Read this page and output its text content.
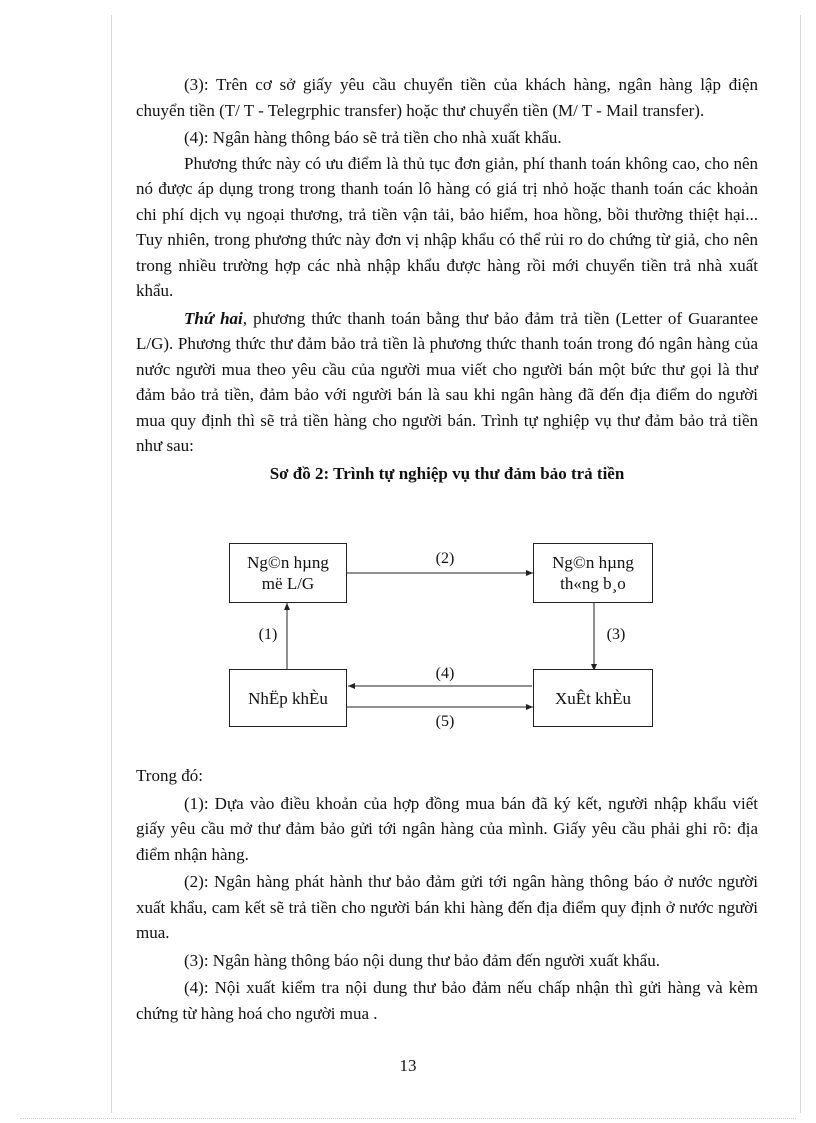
(3): Trên cơ sở giấy yêu cầu chuyển tiền của khách hàng, ngân hàng lập điện chuyển tiền (T/ T - Telegrphic transfer) hoặc thư chuyển tiền (M/ T - Mail transfer).

(4): Ngân hàng thông báo sẽ trả tiền cho nhà xuất khẩu.

Phương thức này có ưu điểm là thủ tục đơn giản, phí thanh toán không cao, cho nên nó được áp dụng trong trong thanh toán lô hàng có giá trị nhỏ hoặc thanh toán các khoản chi phí dịch vụ ngoại thương, trả tiền vận tải, bảo hiểm, hoa hồng, bồi thường thiệt hại... Tuy nhiên, trong phương thức này đơn vị nhập khẩu có thể rủi ro do chứng từ giả, cho nên trong nhiều trường hợp các nhà nhập khẩu được hàng rồi mới chuyển tiền trả nhà xuất khẩu.

Thứ hai, phương thức thanh toán bằng thư bảo đảm trả tiền (Letter of Guarantee L/G). Phương thức thư đảm bảo trả tiền là phương thức thanh toán trong đó ngân hàng của nước người mua theo yêu cầu của người mua viết cho người bán một bức thư gọi là thư đảm bảo trả tiền, đảm bảo với người bán là sau khi ngân hàng đã đến địa điểm do người mua quy định thì sẽ trả tiền hàng cho người bán. Trình tự nghiệp vụ thư đảm bảo trả tiền như sau:

Sơ đồ 2: Trình tự nghiệp vụ thư đảm bảo trả tiền

Ng©n hµng
më L/G
Ng©n hµng
th«ng b¸o
NhËp khÈu	XuÊt khÈu
(2)
(3)
(1)
(4)
(5)

Trong đó:

(1): Dựa vào điều khoản của hợp đồng mua bán đã ký kết, người nhập khẩu viết giấy yêu cầu mở thư đảm bảo gửi tới ngân hàng của mình. Giấy yêu cầu phải ghi rõ: địa điểm nhận hàng.

(2): Ngân hàng phát hành thư bảo đảm gửi tới ngân hàng thông báo ở nước người xuất khẩu, cam kết sẽ trả tiền cho người bán khi hàng đến địa điểm quy định ở nước người mua.

(3): Ngân hàng thông báo nội dung thư bảo đảm đến người xuất khẩu.

(4): Nội xuất kiểm tra nội dung thư bảo đảm nếu chấp nhận thì gửi hàng và kèm chứng từ hàng hoá cho người mua .

13
